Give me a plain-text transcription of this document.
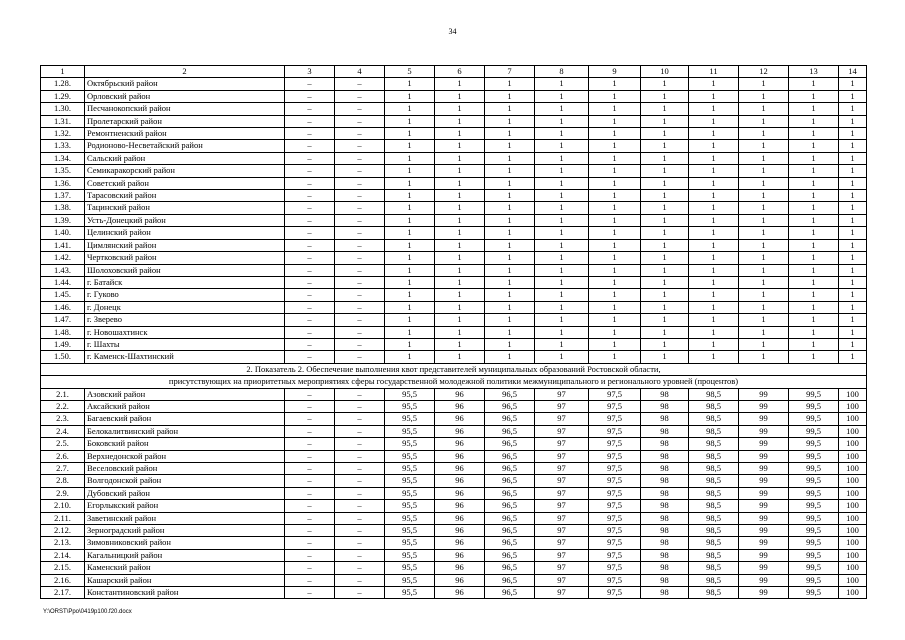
34
1	2	3	4	5	6	7	8	9	10	11	12	13	14
1.28.	Октябрьский район	–	–	1	1	1	1	1	1	1	1	1	1
1.29.	Орловский район	–	–	1	1	1	1	1	1	1	1	1	1
1.30.	Песчанокопский район	–	–	1	1	1	1	1	1	1	1	1	1
1.31.	Пролетарский район	–	–	1	1	1	1	1	1	1	1	1	1
1.32.	Ремонтненский район	–	–	1	1	1	1	1	1	1	1	1	1
1.33.	Родионово-Несветайский район	–	–	1	1	1	1	1	1	1	1	1	1
1.34.	Сальский район	–	–	1	1	1	1	1	1	1	1	1	1
1.35.	Семикаракорский район	–	–	1	1	1	1	1	1	1	1	1	1
1.36.	Советский район	–	–	1	1	1	1	1	1	1	1	1	1
1.37.	Тарасовский район	–	–	1	1	1	1	1	1	1	1	1	1
1.38.	Тацинский район	–	–	1	1	1	1	1	1	1	1	1	1
1.39.	Усть-Донецкий район	–	–	1	1	1	1	1	1	1	1	1	1
1.40.	Целинский район	–	–	1	1	1	1	1	1	1	1	1	1
1.41.	Цимлянский район	–	–	1	1	1	1	1	1	1	1	1	1
1.42.	Чертковский район	–	–	1	1	1	1	1	1	1	1	1	1
1.43.	Шолоховский район	–	–	1	1	1	1	1	1	1	1	1	1
1.44.	г. Батайск	–	–	1	1	1	1	1	1	1	1	1	1
1.45.	г. Гуково	–	–	1	1	1	1	1	1	1	1	1	1
1.46.	г. Донецк	–	–	1	1	1	1	1	1	1	1	1	1
1.47.	г. Зверево	–	–	1	1	1	1	1	1	1	1	1	1
1.48.	г. Новошахтинск	–	–	1	1	1	1	1	1	1	1	1	1
1.49.	г. Шахты	–	–	1	1	1	1	1	1	1	1	1	1
1.50.	г. Каменск-Шахтинский	–	–	1	1	1	1	1	1	1	1	1	1
2. Показатель 2. Обеспечение выполнения квот представителей муниципальных образований Ростовской области,													
присутствующих на приоритетных мероприятиях сферы государственной молодежной политики межмуниципального и регионального уровней (процентов)													
2.1.	Азовский район	–	–	95,5	96	96,5	97	97,5	98	98,5	99	99,5	100
2.2.	Аксайский район	–	–	95,5	96	96,5	97	97,5	98	98,5	99	99,5	100
2.3.	Багаевский район	–	–	95,5	96	96,5	97	97,5	98	98,5	99	99,5	100
2.4.	Белокалитвинский район	–	–	95,5	96	96,5	97	97,5	98	98,5	99	99,5	100
2.5.	Боковский район	–	–	95,5	96	96,5	97	97,5	98	98,5	99	99,5	100
2.6.	Верхнедонской район	–	–	95,5	96	96,5	97	97,5	98	98,5	99	99,5	100
2.7.	Веселовский район	–	–	95,5	96	96,5	97	97,5	98	98,5	99	99,5	100
2.8.	Волгодонской район	–	–	95,5	96	96,5	97	97,5	98	98,5	99	99,5	100
2.9.	Дубовский район	–	–	95,5	96	96,5	97	97,5	98	98,5	99	99,5	100
2.10.	Егорлыкский район	–	–	95,5	96	96,5	97	97,5	98	98,5	99	99,5	100
2.11.	Заветинский район	–	–	95,5	96	96,5	97	97,5	98	98,5	99	99,5	100
2.12.	Зерноградский район	–	–	95,5	96	96,5	97	97,5	98	98,5	99	99,5	100
2.13.	Зимовниковский район	–	–	95,5	96	96,5	97	97,5	98	98,5	99	99,5	100
2.14.	Кагальницкий район	–	–	95,5	96	96,5	97	97,5	98	98,5	99	99,5	100
2.15.	Каменский район	–	–	95,5	96	96,5	97	97,5	98	98,5	99	99,5	100
2.16.	Кашарский район	–	–	95,5	96	96,5	97	97,5	98	98,5	99	99,5	100
2.17.	Константиновский район	–	–	95,5	96	96,5	97	97,5	98	98,5	99	99,5	100
Y:\ORST\Ppo\0419p100.f20.docx
